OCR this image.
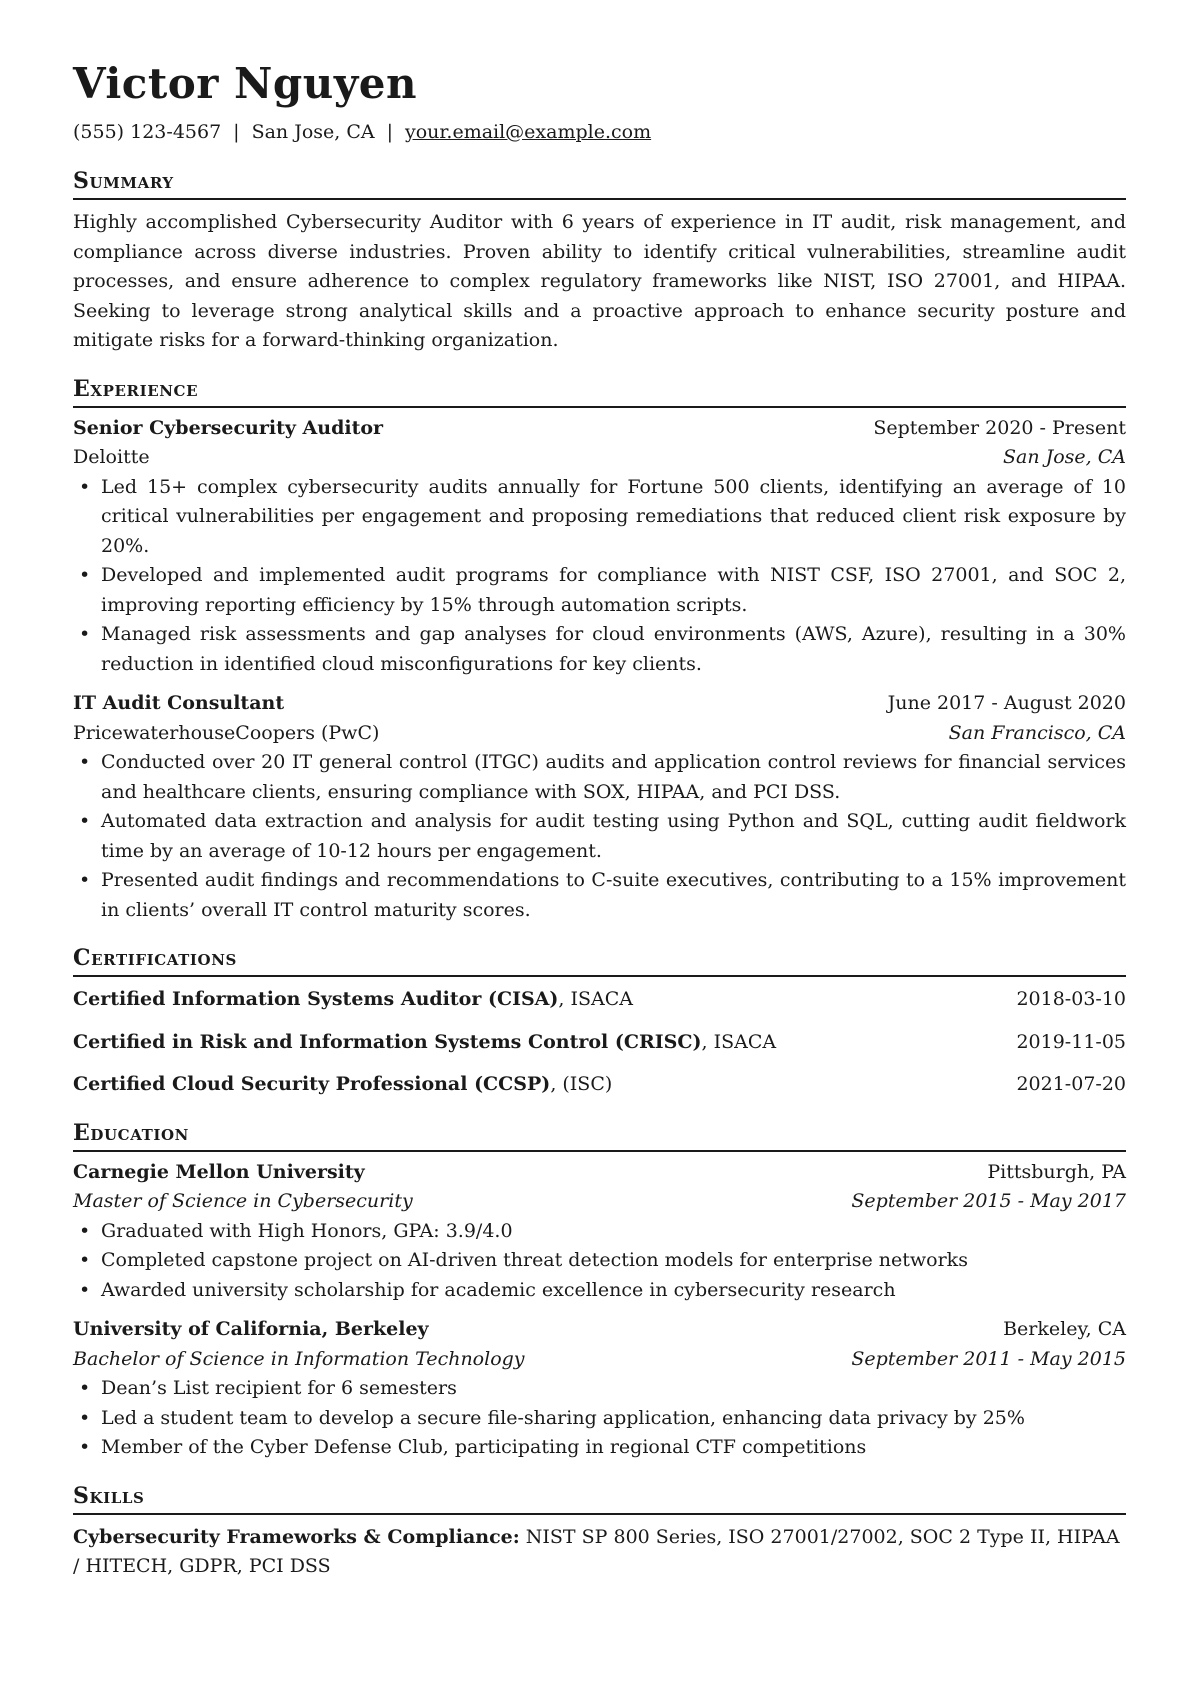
Victor Nguyen
(555) 123-4567 | San Jose, CA | your.email@example.com
Summary
Highly accomplished Cybersecurity Auditor with 6 years of experience in IT audit, risk management, and compliance across diverse industries. Proven ability to identify critical vulnerabilities, streamline audit processes, and ensure adherence to complex regulatory frameworks like NIST, ISO 27001, and HIPAA. Seeking to leverage strong analytical skills and a proactive approach to enhance security posture and mitigate risks for a forward-thinking organization.
Experience
Senior Cybersecurity Auditor	September 2020 - Present
Deloitte	San Jose, CA
• Led 15+ complex cybersecurity audits annually for Fortune 500 clients, identifying an average of 10 critical vulnerabilities per engagement and proposing remediations that reduced client risk exposure by 20%.
• Developed and implemented audit programs for compliance with NIST CSF, ISO 27001, and SOC 2, improving reporting efficiency by 15% through automation scripts.
• Managed risk assessments and gap analyses for cloud environments (AWS, Azure), resulting in a 30% reduction in identified cloud misconfigurations for key clients.
IT Audit Consultant	June 2017 - August 2020
PricewaterhouseCoopers (PwC)	San Francisco, CA
• Conducted over 20 IT general control (ITGC) audits and application control reviews for financial services and healthcare clients, ensuring compliance with SOX, HIPAA, and PCI DSS.
• Automated data extraction and analysis for audit testing using Python and SQL, cutting audit fieldwork time by an average of 10-12 hours per engagement.
• Presented audit findings and recommendations to C-suite executives, contributing to a 15% improvement in clients’ overall IT control maturity scores.
Certifications
Certified Information Systems Auditor (CISA), ISACA	2018-03-10
Certified in Risk and Information Systems Control (CRISC), ISACA	2019-11-05
Certified Cloud Security Professional (CCSP), (ISC)	2021-07-20
Education
Carnegie Mellon University	Pittsburgh, PA
Master of Science in Cybersecurity	September 2015 - May 2017
• Graduated with High Honors, GPA: 3.9/4.0
• Completed capstone project on AI-driven threat detection models for enterprise networks
• Awarded university scholarship for academic excellence in cybersecurity research
University of California, Berkeley	Berkeley, CA
Bachelor of Science in Information Technology	September 2011 - May 2015
• Dean’s List recipient for 6 semesters
• Led a student team to develop a secure file-sharing application, enhancing data privacy by 25%
• Member of the Cyber Defense Club, participating in regional CTF competitions
Skills
Cybersecurity Frameworks & Compliance: NIST SP 800 Series, ISO 27001/27002, SOC 2 Type II, HIPAA / HITECH, GDPR, PCI DSS
